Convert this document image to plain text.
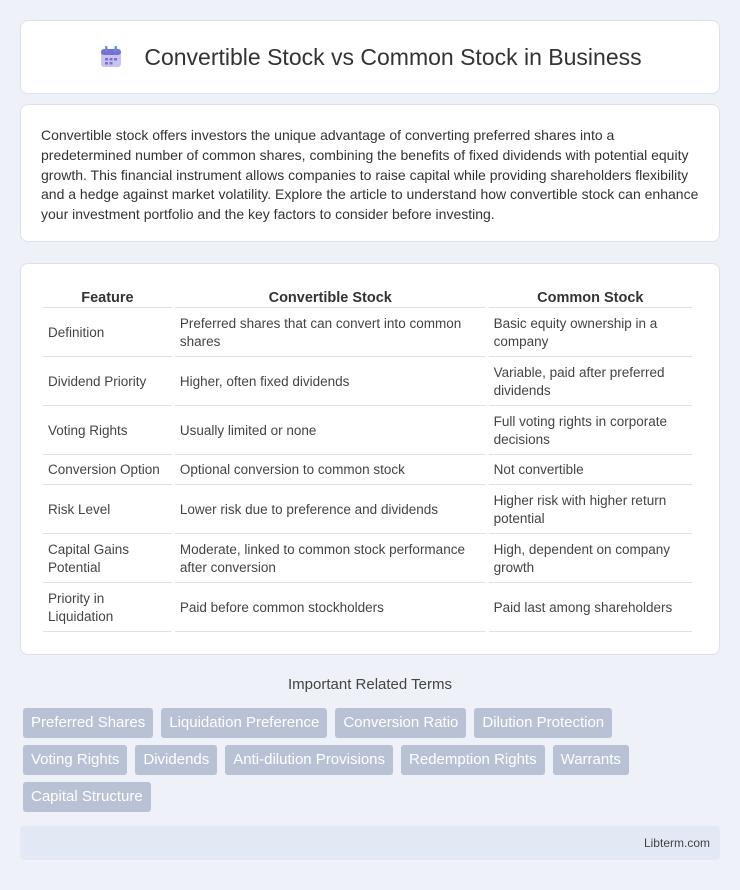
Convertible Stock vs Common Stock in Business

Convertible stock offers investors the unique advantage of converting preferred shares into a predetermined number of common shares, combining the benefits of fixed dividends with potential equity growth. This financial instrument allows companies to raise capital while providing shareholders flexibility and a hedge against market volatility. Explore the article to understand how convertible stock can enhance your investment portfolio and the key factors to consider before investing.

Feature	Convertible Stock	Common Stock
Definition	Preferred shares that can convert into common shares	Basic equity ownership in a company
Dividend Priority	Higher, often fixed dividends	Variable, paid after preferred dividends
Voting Rights	Usually limited or none	Full voting rights in corporate decisions
Conversion Option	Optional conversion to common stock	Not convertible
Risk Level	Lower risk due to preference and dividends	Higher risk with higher return potential
Capital Gains Potential	Moderate, linked to common stock performance after conversion	High, dependent on company growth
Priority in Liquidation	Paid before common stockholders	Paid last among shareholders
Important Related Terms
Preferred Shares	Liquidation Preference	Conversion Ratio	Dilution Protection
Voting Rights	Dividends	Anti-dilution Provisions	Redemption Rights	Warrants
Capital Structure
Libterm.com
